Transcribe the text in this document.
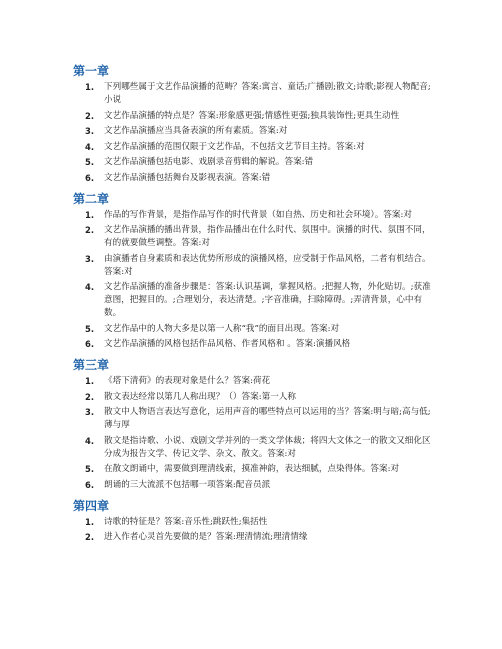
第一章
1. 下列哪些属于文艺作品演播的范畴？答案:寓言、童话;广播剧;散文;诗歌;影视人物配音;小说
2. 文艺作品演播的特点是？答案:形象感更强;情感性更强;独具装饰性;更具生动性
3. 文艺作品演播应当具备表演的所有素质。答案:对
4. 文艺作品演播的范围仅限于文艺作品，不包括文艺节目主持。答案:对
5. 文艺作品演播包括电影、戏剧录音剪辑的解说。答案:错
6. 文艺作品演播包括舞台及影视表演。答案:错
第二章
1. 作品的写作背景，是指作品写作的时代背景（如自热、历史和社会环境）。答案:对
2. 文艺作品演播的播出背景，指作品播出在什么时代、氛围中。演播的时代、氛围不同，有的就要做些调整。答案:对
3. 由演播者自身素质和表达优势所形成的演播风格，应受制于作品风格，二者有机结合。答案:对
4. 文艺作品演播的准备步骤是：答案:认识基调，掌握风格。;把握人物，外化贴切。;获准意图，把握目的。;合理划分，表达清楚。;字音准确，扫除障碍。;弄清背景，心中有数。
5. 文艺作品中的人物大多是以第一人称“我”的面目出现。答案:对
6. 文艺作品演播的风格包括作品风格、作者风格和 。答案:演播风格
第三章
1. 《塔下清荷》的表现对象是什么？答案:荷花
2. 散文表达经常以第几人称出现？（）答案:第一人称
3. 散文中人物语言表达写意化，运用声音的哪些特点可以运用的当？答案:明与暗;高与低;薄与厚
4. 散文是指诗歌、小说、戏剧文学并列的一类文学体裁；将四大文体之一的散文又细化区分成为报告文学、传记文学、杂文、散文。答案:对
5. 在散文朗诵中，需要做到理清线索，摸准神韵，表达细腻，点染得体。答案:对
6. 朗诵的三大流派不包括哪一项答案:配音员派
第四章
1. 诗歌的特征是？答案:音乐性;跳跃性;集括性
2. 进入作者心灵首先要做的是？答案:理清情流;理清情缘
